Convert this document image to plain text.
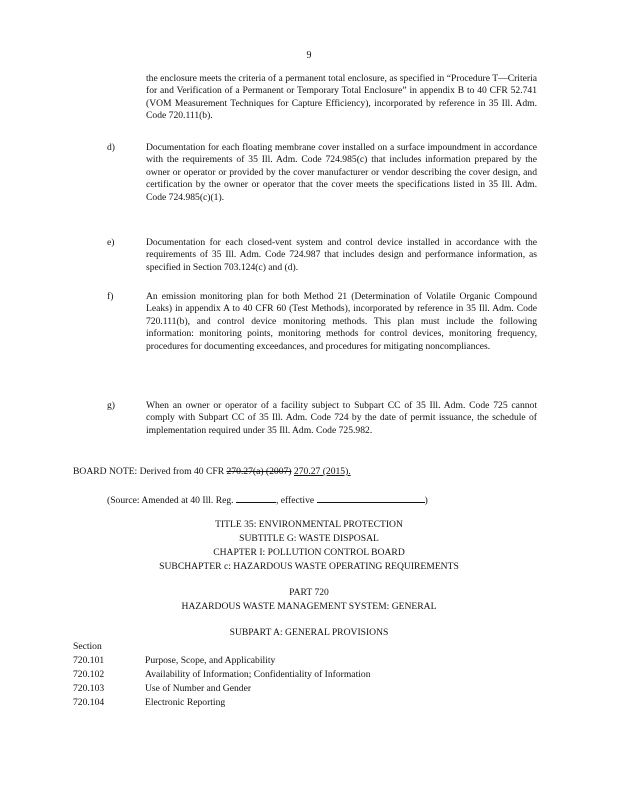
9
the enclosure meets the criteria of a permanent total enclosure, as specified in “Procedure T—Criteria for and Verification of a Permanent or Temporary Total Enclosure” in appendix B to 40 CFR 52.741 (VOM Measurement Techniques for Capture Efficiency), incorporated by reference in 35 Ill. Adm. Code 720.111(b).
d)	Documentation for each floating membrane cover installed on a surface impoundment in accordance with the requirements of 35 Ill. Adm. Code 724.985(c) that includes information prepared by the owner or operator or provided by the cover manufacturer or vendor describing the cover design, and certification by the owner or operator that the cover meets the specifications listed in 35 Ill. Adm. Code 724.985(c)(1).
e)	Documentation for each closed-vent system and control device installed in accordance with the requirements of 35 Ill. Adm. Code 724.987 that includes design and performance information, as specified in Section 703.124(c) and (d).
f)	An emission monitoring plan for both Method 21 (Determination of Volatile Organic Compound Leaks) in appendix A to 40 CFR 60 (Test Methods), incorporated by reference in 35 Ill. Adm. Code 720.111(b), and control device monitoring methods. This plan must include the following information: monitoring points, monitoring methods for control devices, monitoring frequency, procedures for documenting exceedances, and procedures for mitigating noncompliances.
g)	When an owner or operator of a facility subject to Subpart CC of 35 Ill. Adm. Code 725 cannot comply with Subpart CC of 35 Ill. Adm. Code 724 by the date of permit issuance, the schedule of implementation required under 35 Ill. Adm. Code 725.982.
BOARD NOTE: Derived from 40 CFR 270.27(a) (2007) 270.27 (2015).
(Source: Amended at 40 Ill. Reg.	, effective	)
TITLE 35: ENVIRONMENTAL PROTECTION
SUBTITLE G: WASTE DISPOSAL
CHAPTER I: POLLUTION CONTROL BOARD
SUBCHAPTER c: HAZARDOUS WASTE OPERATING REQUIREMENTS
PART 720
HAZARDOUS WASTE MANAGEMENT SYSTEM: GENERAL
SUBPART A: GENERAL PROVISIONS
Section
720.101	Purpose, Scope, and Applicability
720.102	Availability of Information; Confidentiality of Information
720.103	Use of Number and Gender
720.104	Electronic Reporting
